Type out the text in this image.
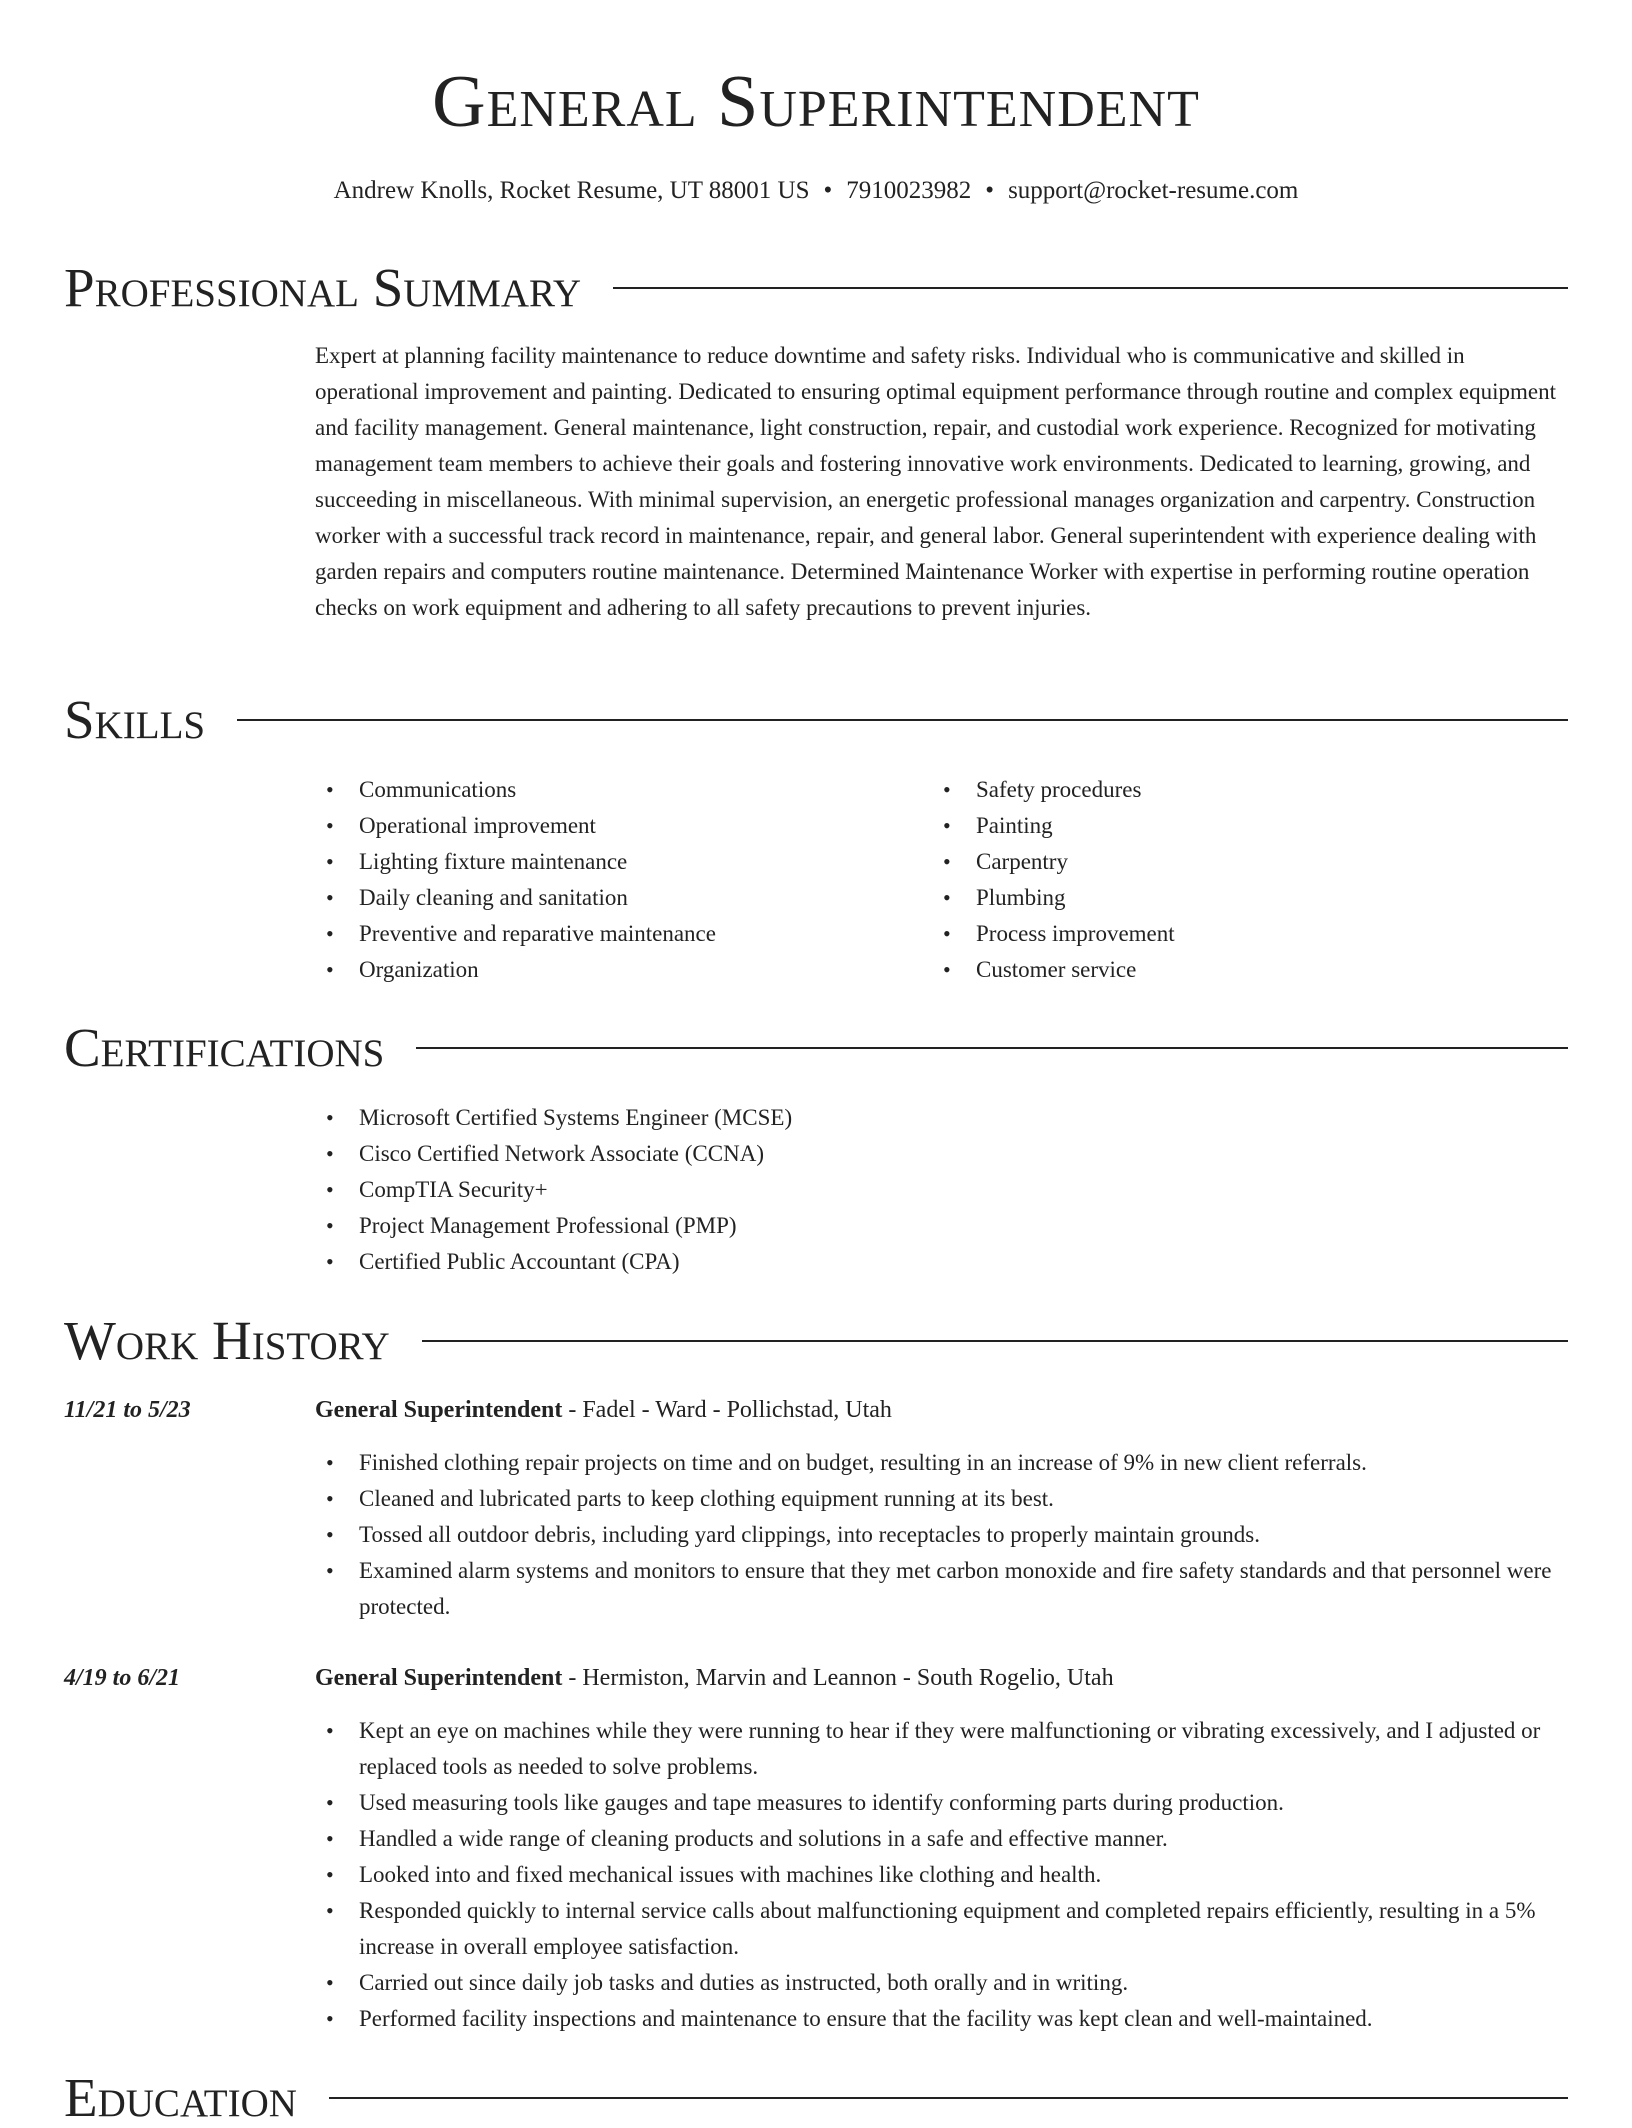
General Superintendent
Andrew Knolls, Rocket Resume, UT 88001 US • 7910023982 • support@rocket-resume.com
Professional Summary

Expert at planning facility maintenance to reduce downtime and safety risks. Individual who is communicative and skilled in operational improvement and painting. Dedicated to ensuring optimal equipment performance through routine and complex equipment and facility management. General maintenance, light construction, repair, and custodial work experience. Recognized for motivating management team members to achieve their goals and fostering innovative work environments. Dedicated to learning, growing, and succeeding in miscellaneous. With minimal supervision, an energetic professional manages organization and carpentry. Construction worker with a successful track record in maintenance, repair, and general labor. General superintendent with experience dealing with garden repairs and computers routine maintenance. Determined Maintenance Worker with expertise in performing routine operation checks on work equipment and adhering to all safety precautions to prevent injuries.

Skills
• Communications
• Operational improvement
• Lighting fixture maintenance
• Daily cleaning and sanitation
• Preventive and reparative maintenance
• Organization
• Safety procedures
• Painting
• Carpentry
• Plumbing
• Process improvement
• Customer service
Certifications
• Microsoft Certified Systems Engineer (MCSE)
• Cisco Certified Network Associate (CCNA)
• CompTIA Security+
• Project Management Professional (PMP)
• Certified Public Accountant (CPA)
Work History
11/21 to 5/23	General Superintendent - Fadel - Ward - Pollichstad, Utah
• Finished clothing repair projects on time and on budget, resulting in an increase of 9% in new client referrals.
• Cleaned and lubricated parts to keep clothing equipment running at its best.
• Tossed all outdoor debris, including yard clippings, into receptacles to properly maintain grounds.
• Examined alarm systems and monitors to ensure that they met carbon monoxide and fire safety standards and that personnel were protected.
4/19 to 6/21	General Superintendent - Hermiston, Marvin and Leannon - South Rogelio, Utah
• Kept an eye on machines while they were running to hear if they were malfunctioning or vibrating excessively, and I adjusted or replaced tools as needed to solve problems.
• Used measuring tools like gauges and tape measures to identify conforming parts during production.
• Handled a wide range of cleaning products and solutions in a safe and effective manner.
• Looked into and fixed mechanical issues with machines like clothing and health.
• Responded quickly to internal service calls about malfunctioning equipment and completed repairs efficiently, resulting in a 5% increase in overall employee satisfaction.
• Carried out since daily job tasks and duties as instructed, both orally and in writing.
• Performed facility inspections and maintenance to ensure that the facility was kept clean and well-maintained.
Education
